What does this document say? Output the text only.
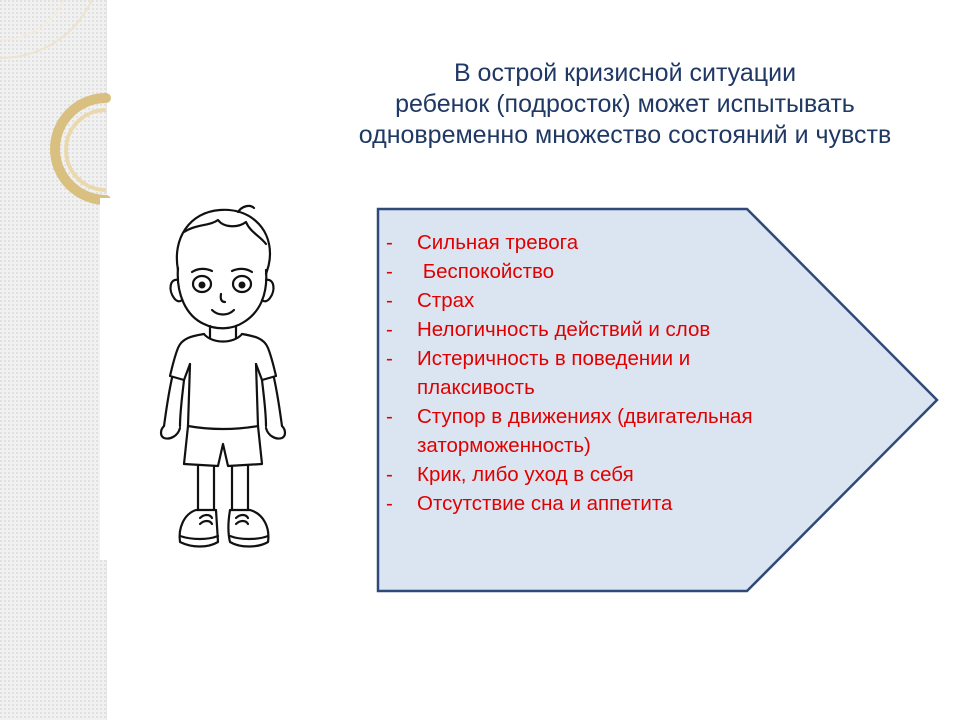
В острой кризисной ситуации
ребенок (подросток) может испытывать
одновременно множество состояний и чувств
- Сильная тревога
- Беспокойство
- Страх
- Нелогичность действий и слов
- Истеричность в поведении и плаксивость
- Ступор в движениях (двигательная заторможенность)
- Крик, либо уход в себя
- Отсутствие сна и аппетита
